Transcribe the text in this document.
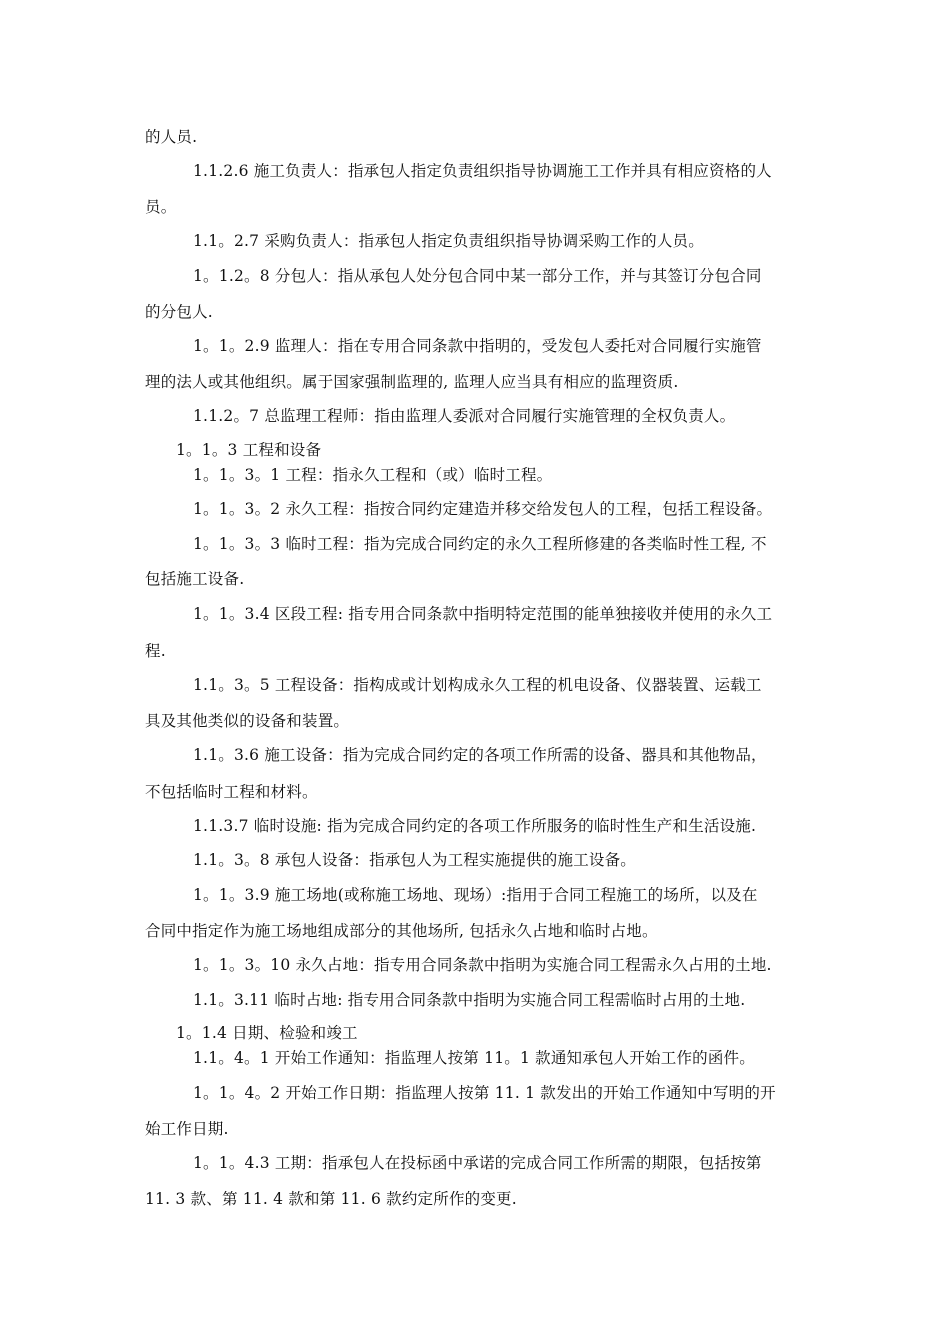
的人员.
1.1.2.6 施工负责人：指承包人指定负责组织指导协调施工工作并具有相应资格的人
员。
1.1。2.7 采购负责人：指承包人指定负责组织指导协调采购工作的人员。
1。1.2。8 分包人：指从承包人处分包合同中某一部分工作，并与其签订分包合同
的分包人.
1。1。2.9 监理人：指在专用合同条款中指明的，受发包人委托对合同履行实施管
理的法人或其他组织。属于国家强制监理的, 监理人应当具有相应的监理资质.
1.1.2。7 总监理工程师：指由监理人委派对合同履行实施管理的全权负责人。
1。1。3 工程和设备
1。1。3。1 工程：指永久工程和（或）临时工程。
1。1。3。2 永久工程：指按合同约定建造并移交给发包人的工程，包括工程设备。
1。1。3。3 临时工程：指为完成合同约定的永久工程所修建的各类临时性工程, 不
包括施工设备.
1。1。3.4 区段工程: 指专用合同条款中指明特定范围的能单独接收并使用的永久工
程.
1.1。3。5 工程设备：指构成或计划构成永久工程的机电设备、仪器装置、运载工
具及其他类似的设备和装置。
1.1。3.6 施工设备：指为完成合同约定的各项工作所需的设备、器具和其他物品，
不包括临时工程和材料。
1.1.3.7 临时设施: 指为完成合同约定的各项工作所服务的临时性生产和生活设施.
1.1。3。8 承包人设备：指承包人为工程实施提供的施工设备。
1。1。3.9 施工场地(或称施工场地、现场）:指用于合同工程施工的场所，以及在
合同中指定作为施工场地组成部分的其他场所, 包括永久占地和临时占地。
1。1。3。10 永久占地：指专用合同条款中指明为实施合同工程需永久占用的土地.
1.1。3.11 临时占地: 指专用合同条款中指明为实施合同工程需临时占用的土地.
1。1.4 日期、检验和竣工
1.1。4。1 开始工作通知：指监理人按第 11。1 款通知承包人开始工作的函件。
1。1。4。2 开始工作日期：指监理人按第 11. 1 款发出的开始工作通知中写明的开
始工作日期.
1。1。4.3 工期：指承包人在投标函中承诺的完成合同工作所需的期限，包括按第
11. 3 款、第 11. 4 款和第 11. 6 款约定所作的变更.
